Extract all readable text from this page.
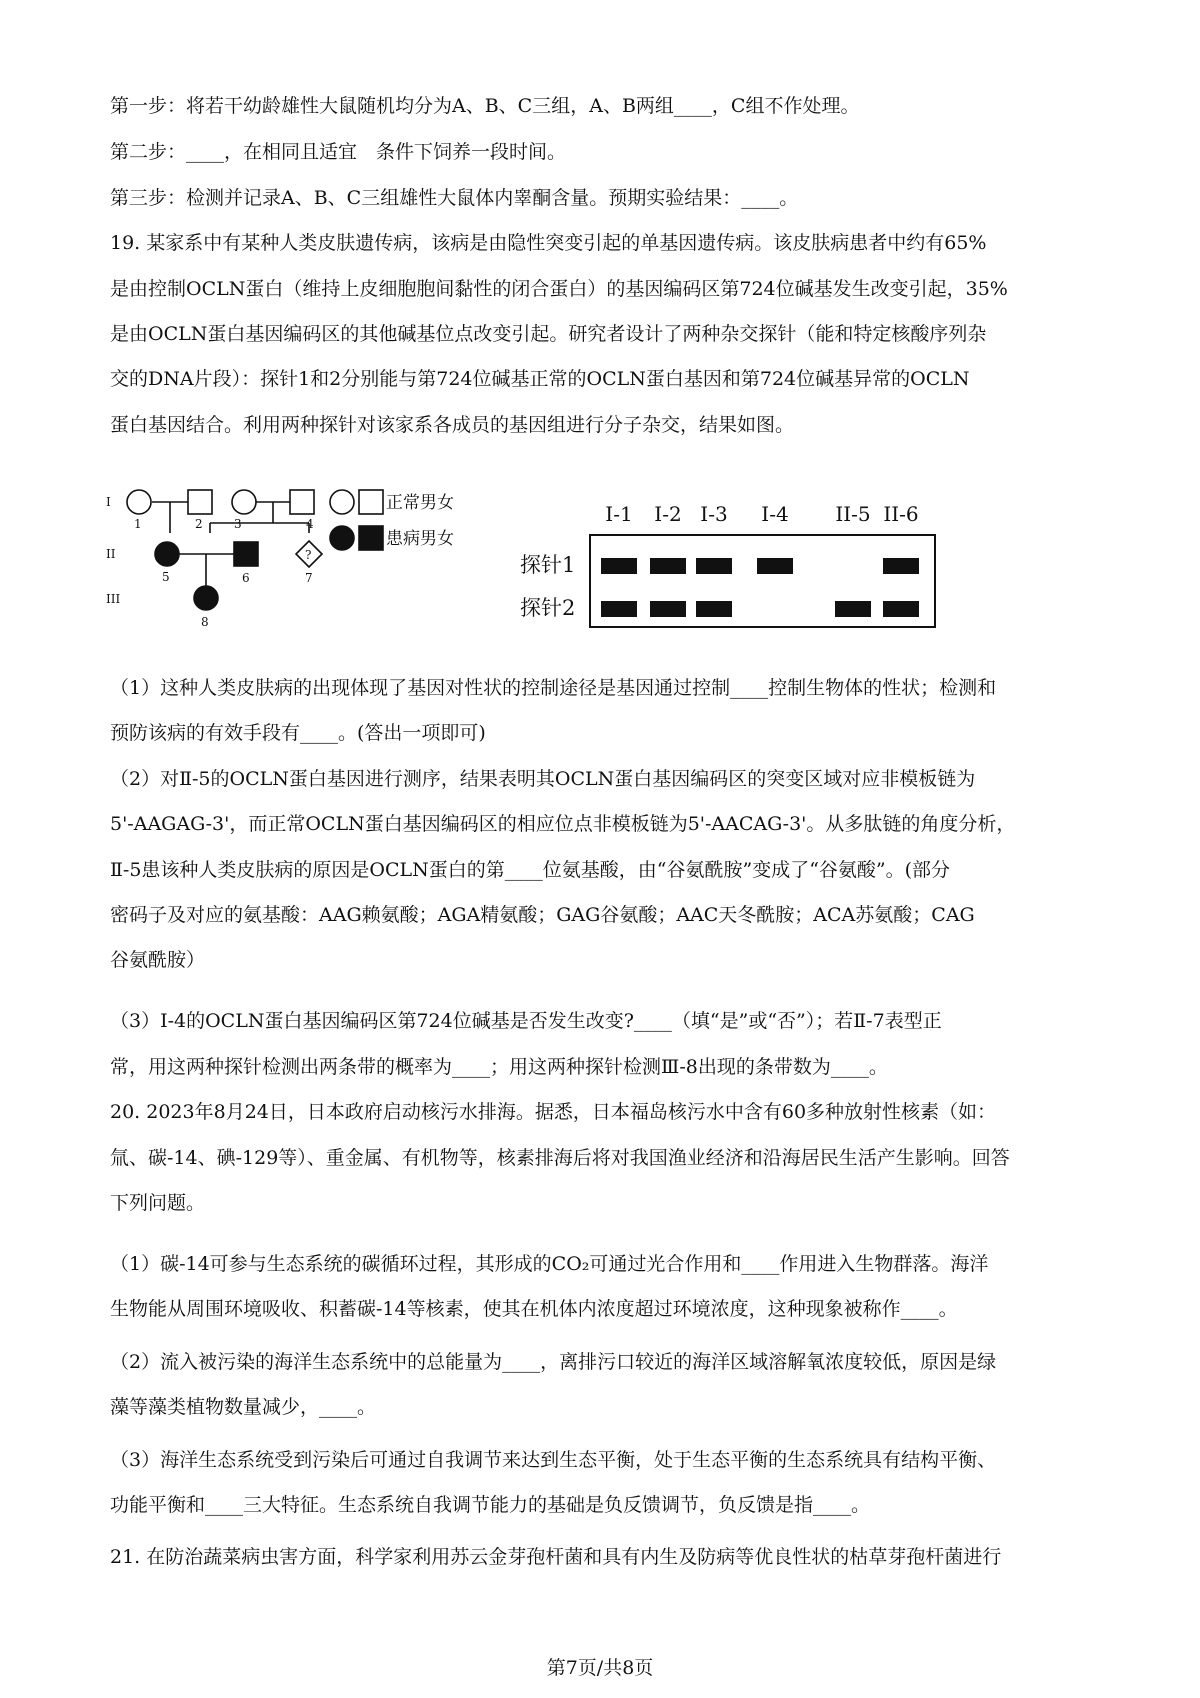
第一步：将若干幼龄雄性大鼠随机均分为A、B、C三组，A、B两组____，C组不作处理。
第二步：____，在相同且适宜　条件下饲养一段时间。
第三步：检测并记录A、B、C三组雄性大鼠体内睾酮含量。预期实验结果：____。
19. 某家系中有某种人类皮肤遗传病，该病是由隐性突变引起的单基因遗传病。该皮肤病患者中约有65%
是由控制OCLN蛋白（维持上皮细胞胞间黏性的闭合蛋白）的基因编码区第724位碱基发生改变引起，35%
是由OCLN蛋白基因编码区的其他碱基位点改变引起。研究者设计了两种杂交探针（能和特定核酸序列杂
交的DNA片段）：探针1和2分别能与第724位碱基正常的OCLN蛋白基因和第724位碱基异常的OCLN
蛋白基因结合。利用两种探针对该家系各成员的基因组进行分子杂交，结果如图。
I
II
III
1	2	3	4
5	6	7
8
?
正常男女
患病男女
I-1 I-2 I-3 I-4 II-5 II-6
探针1
探针2
（1）这种人类皮肤病的出现体现了基因对性状的控制途径是基因通过控制____控制生物体的性状；检测和
预防该病的有效手段有____。(答出一项即可)
（2）对Ⅱ-5的OCLN蛋白基因进行测序，结果表明其OCLN蛋白基因编码区的突变区域对应非模板链为
5'-AAGAG-3'，而正常OCLN蛋白基因编码区的相应位点非模板链为5'-AACAG-3'。从多肽链的角度分析，
Ⅱ-5患该种人类皮肤病的原因是OCLN蛋白的第____位氨基酸，由“谷氨酰胺”变成了“谷氨酸”。(部分
密码子及对应的氨基酸：AAG赖氨酸；AGA精氨酸；GAG谷氨酸；AAC天冬酰胺；ACA苏氨酸；CAG
谷氨酰胺）
（3）I-4的OCLN蛋白基因编码区第724位碱基是否发生改变?____（填“是”或“否”）；若Ⅱ-7表型正
常，用这两种探针检测出两条带的概率为____；用这两种探针检测Ⅲ-8出现的条带数为____。
20. 2023年8月24日，日本政府启动核污水排海。据悉，日本福岛核污水中含有60多种放射性核素（如：
氚、碳-14、碘-129等）、重金属、有机物等，核素排海后将对我国渔业经济和沿海居民生活产生影响。回答
下列问题。
（1）碳-14可参与生态系统的碳循环过程，其形成的CO₂可通过光合作用和____作用进入生物群落。海洋
生物能从周围环境吸收、积蓄碳-14等核素，使其在机体内浓度超过环境浓度，这种现象被称作____。
（2）流入被污染的海洋生态系统中的总能量为____，离排污口较近的海洋区域溶解氧浓度较低，原因是绿
藻等藻类植物数量减少，____。
（3）海洋生态系统受到污染后可通过自我调节来达到生态平衡，处于生态平衡的生态系统具有结构平衡、
功能平衡和____三大特征。生态系统自我调节能力的基础是负反馈调节，负反馈是指____。
21. 在防治蔬菜病虫害方面，科学家利用苏云金芽孢杆菌和具有内生及防病等优良性状的枯草芽孢杆菌进行
第7页/共8页
